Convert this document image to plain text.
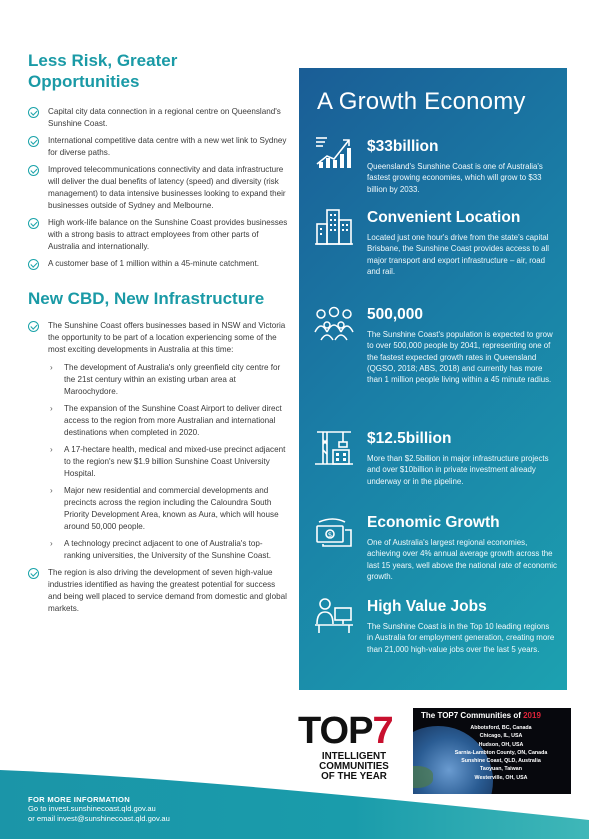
Less Risk, Greater
Opportunities
Capital city data connection in a regional centre on Queensland's Sunshine Coast.
International competitive data centre with a new wet link to Sydney for diverse paths.
Improved telecommunications connectivity and data infrastructure will deliver the dual benefits of latency (speed) and diversity (risk management) to data intensive businesses looking to expand their businesses outside of Sydney and Melbourne.
High work-life balance on the Sunshine Coast provides businesses with a strong basis to attract employees from other parts of Australia and internationally.
A customer base of 1 million within a 45-minute catchment.
New CBD, New Infrastructure
The Sunshine Coast offers businesses based in NSW and Victoria the opportunity to be part of a location experiencing some of the most exciting developments in Australia at this time:
› The development of Australia's only greenfield city centre for the 21st century within an existing urban area at Maroochydore.
› The expansion of the Sunshine Coast Airport to deliver direct access to the region from more Australian and international destinations when completed in 2020.
› A 17-hectare health, medical and mixed-use precinct adjacent to the region's new $1.9 billion Sunshine Coast University Hospital.
› Major new residential and commercial developments and precincts across the region including the Caloundra South Priority Development Area, known as Aura, which will house around 50,000 people.
› A technology precinct adjacent to one of Australia's top-ranking universities, the University of the Sunshine Coast.
The region is also driving the development of seven high-value industries identified as having the greatest potential for success and being well placed to service demand from domestic and global markets.
A Growth Economy
$33billion
Queensland's Sunshine Coast is one of Australia's fastest growing economies, which will grow to $33 billion by 2033.
Convenient Location
Located just one hour's drive from the state's capital Brisbane, the Sunshine Coast provides access to all major transport and export infrastructure – air, road and rail.
500,000
The Sunshine Coast's population is expected to grow to over 500,000 people by 2041, representing one of the fastest expected growth rates in Queensland (QGSO, 2018; ABS, 2018) and currently has more than 1 million people living within a 45 minute radius.
$12.5billion
More than $2.5billion in major infrastructure projects and over $10billion in private investment already underway or in the pipeline.
$
Economic Growth
One of Australia's largest regional economies, achieving over 4% annual average growth across the last 15 years, well above the national rate of economic growth.
High Value Jobs
The Sunshine Coast is in the Top 10 leading regions in Australia for employment generation, creating more than 21,000 high-value jobs over the last 5 years.
FOR MORE INFORMATION
Go to invest.sunshinecoast.qld.gov.au
or email invest@sunshinecoast.qld.gov.au
TOP7
INTELLIGENT
COMMUNITIES
OF THE YEAR
The TOP7 Communities of 2019
Abbotsford, BC, Canada
Chicago, IL, USA
Hudson, OH, USA
Sarnia-Lambton County, ON, Canada
Sunshine Coast, QLD, Australia
Taoyuan, Taiwan
Westerville, OH, USA
